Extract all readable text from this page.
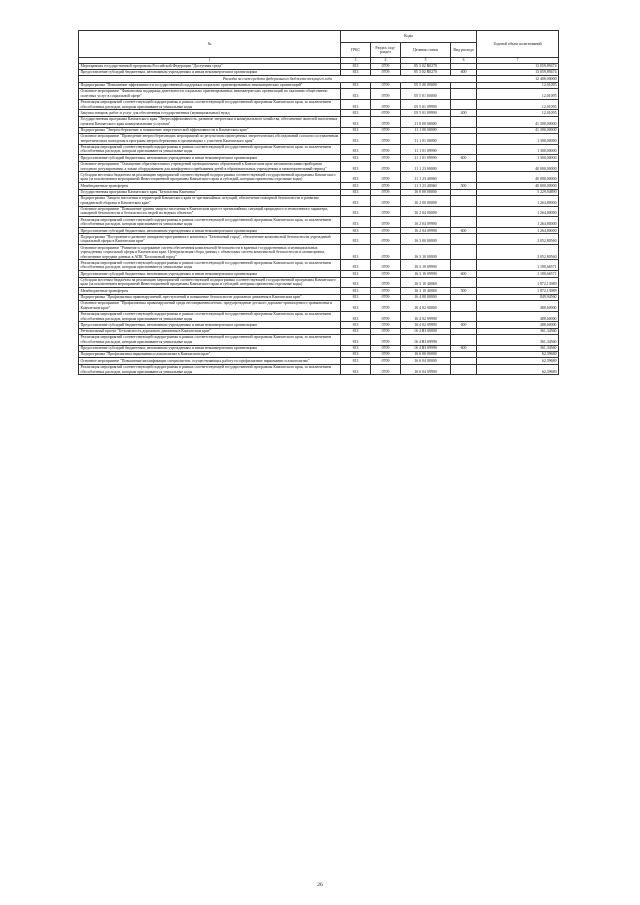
№	Коды				Годовой объем ассигнований
	ГРБС	Раздел, под-раздел	Целевая статья	Вид расхода	
1	3	4	5	6	7
Мероприятия государственной программы Российской Федерации "Доступная среда"	813	0709	05 3 02 R0270		13 059,89474
Предоставление субсидий бюджетным, автономным учреждениям и иным некоммерческим организациям	813	0709	05 3 02 R0270	600	13 059,89474
Расходы за счет средств федерального бюджета текущего года					12 406,90000
Подпрограмма "Повышение эффективности государственной поддержки социально ориентированных некоммерческих организаций"	813	0709	05 5 00 00000		12,01095
Основное мероприятие "Финансовая поддержка деятельности социально ориентированных некоммерческих организаций по оказанию общественно полезных услуг в социальной сфере"	813	0709	05 5 01 00000		12,01095
Реализация мероприятий соответствующей подпрограммы в рамках соответствующей государственной программы Камчатского края, за исключением обособленных расходов, которым присваиваются уникальные коды	813	0709	05 5 01 09990		12,01095
Закупка товаров, работ и услуг для обеспечения государственных (муниципальных) нужд	813	0709	05 5 01 09990	200	12,01095
Государственная программа Камчатского края "Энергоэффективность, развитие энергетики и коммунального хозяйства, обеспечение жителей населенных пунктов Камчатского края коммунальными услугами"	813	0709	11 0 00 00000		41 300,00000
Подпрограмма "Энергосбережение и повышение энергетической эффективности в Камчатском крае"	813	0709	11 1 00 00000		41 300,00000
Основное мероприятие "Проведение энергосберегающих мероприятий по результатам проведенных энергетических обследований согласно составленным энергетическим паспортам и программ энергосбережения в организациях с участием Камчатского края"	813	0709	11 1 01 00000		1 300,00000
Реализация мероприятий соответствующей подпрограммы в рамках соответствующей государственной программы Камчатского края, за исключением обособленных расходов, которым присваиваются уникальные коды	813	0709	11 1 01 09990		1 300,00000
Предоставление субсидий бюджетным, автономным учреждениям и иным некоммерческим организациям	813	0709	11 1 01 09990	600	1 300,00000
Основное мероприятие "Оснащение образовательных учреждений муниципальных образований в Камчатском крае автоматическими приборами погодного регулирования, а также оборудованием для комфортного пребывания детей в образовательных учреждениях в межотопительный период"	813	0709	11 1 23 00000		40 000,00000
Субсидии местным бюджетам на реализацию мероприятий соответствующей подпрограммы соответствующей государственной программы Камчатского края (за исключением мероприятий Инвестиционной программы Камчатского края и субсидий, которым присвоены отдельные коды)	813	0709	11 1 23 40060		40 000,00000
Межбюджетные трансферты	813	0709	11 1 23 40060	500	40 000,00000
Государственная программа Камчатского края "Безопасная Камчатка"	813	0709	16 0 00 00000		5 229,94890
Подпрограмма "Защита населения и территорий Камчатского края от чрезвычайных ситуаций, обеспечение пожарной безопасности и развитие гражданской обороны в Камчатском крае"	813	0709	16 2 00 00000		1 264,80000
Основное мероприятие "Повышение уровня защиты населения в Камчатском крае от чрезвычайных ситуаций природного и техногенного характера, пожарной безопасности и безопасности людей на водных объектах"	813	0709	16 2 04 00000		1 264,80000
Реализация мероприятий соответствующей подпрограммы в рамках соответствующей государственной программы Камчатского края, за исключением обособленных расходов, которым присваиваются уникальные коды	813	0709	16 2 04 09990		1 264,80000
Предоставление субсидий бюджетным, автономным учреждениям и иным некоммерческим организациям	813	0709	16 2 04 09990	600	1 264,80000
Подпрограмма "Построение и развитие аппаратно-программного комплекса "Безопасный город", обеспечение комплексной безопасности учреждений социальной сферы в Камчатском крае"	813	0709	16 3 00 00000		3 052,80560
Основное мероприятие "Развитие и содержание систем обеспечения комплексной безопасности в краевых государственных и муниципальных учреждениях социальной сферы в Камчатском крае. Централизация сбора данных с объектовых систем комплексной безопасности и мониторинга, обеспечение передачи данных в АПК "Безопасный город"	813	0709	16 3 10 00000		3 052,80560
Реализация мероприятий соответствующей подпрограммы в рамках соответствующей государственной программы Камчатского края, за исключением обособленных расходов, которым присваиваются уникальные коды	813	0709	16 3 10 09990		1 180,66571
Предоставление субсидий бюджетным, автономным учреждениям и иным некоммерческим организациям	813	0709	16 3 10 09990	600	1 180,66571
Субсидии местным бюджетам на реализацию мероприятий соответствующей подпрограммы соответствующей государственной программы Камчатского края (за исключением мероприятий Инвестиционной программы Камчатского края и субсидий, которым присвоены отдельные коды)	813	0709	16 3 10 40060		1 872,13989
Межбюджетные трансферты	813	0709	16 3 10 40060	500	1 872,13989
Подпрограмма "Профилактика правонарушений, преступлений и повышение безопасности дорожного движения в Камчатском крае"	813	0709	16 4 00 00000		849,94560
Основное мероприятие "Профилактика правонарушений среди несовершеннолетних, предупреждение детского дорожно-транспортного травматизма в Камчатском крае"	813	0709	16 4 02 00000		488,60000
Реализация мероприятий соответствующей подпрограммы в рамках соответствующей государственной программы Камчатского края, за исключением обособленных расходов, которым присваиваются уникальные коды	813	0709	16 4 02 09990		488,60000
Предоставление субсидий бюджетным, автономным учреждениям и иным некоммерческим организациям	813	0709	16 4 02 09990	600	488,60000
Региональный проект "Безопасность дорожного движения в Камчатском крае"	813	0709	16 4 R3 00000		361,34560
Реализация мероприятий соответствующей подпрограммы в рамках соответствующей государственной программы Камчатского края, за исключением обособленных расходов, которым присваиваются уникальные коды	813	0709	16 4 R3 09990		361,34560
Предоставление субсидий бюджетным, автономным учреждениям и иным некоммерческим организациям	813	0709	16 4 R3 09990	600	361,34560
Подпрограмма "Профилактика наркомании и алкоголизма в Камчатском крае"	813	0709	16 6 00 00000		62,39680
Основное мероприятие "Повышение квалификации специалистов, осуществляющих работу по профилактике наркомании и алкоголизма"	813	0709	16 6 04 00000		62,39680
Реализация мероприятий соответствующей подпрограммы в рамках соответствующей государственной программы Камчатского края, за исключением обособленных расходов, которым присваиваются уникальные коды	813	0709	16 6 04 09990		62,39680
26
